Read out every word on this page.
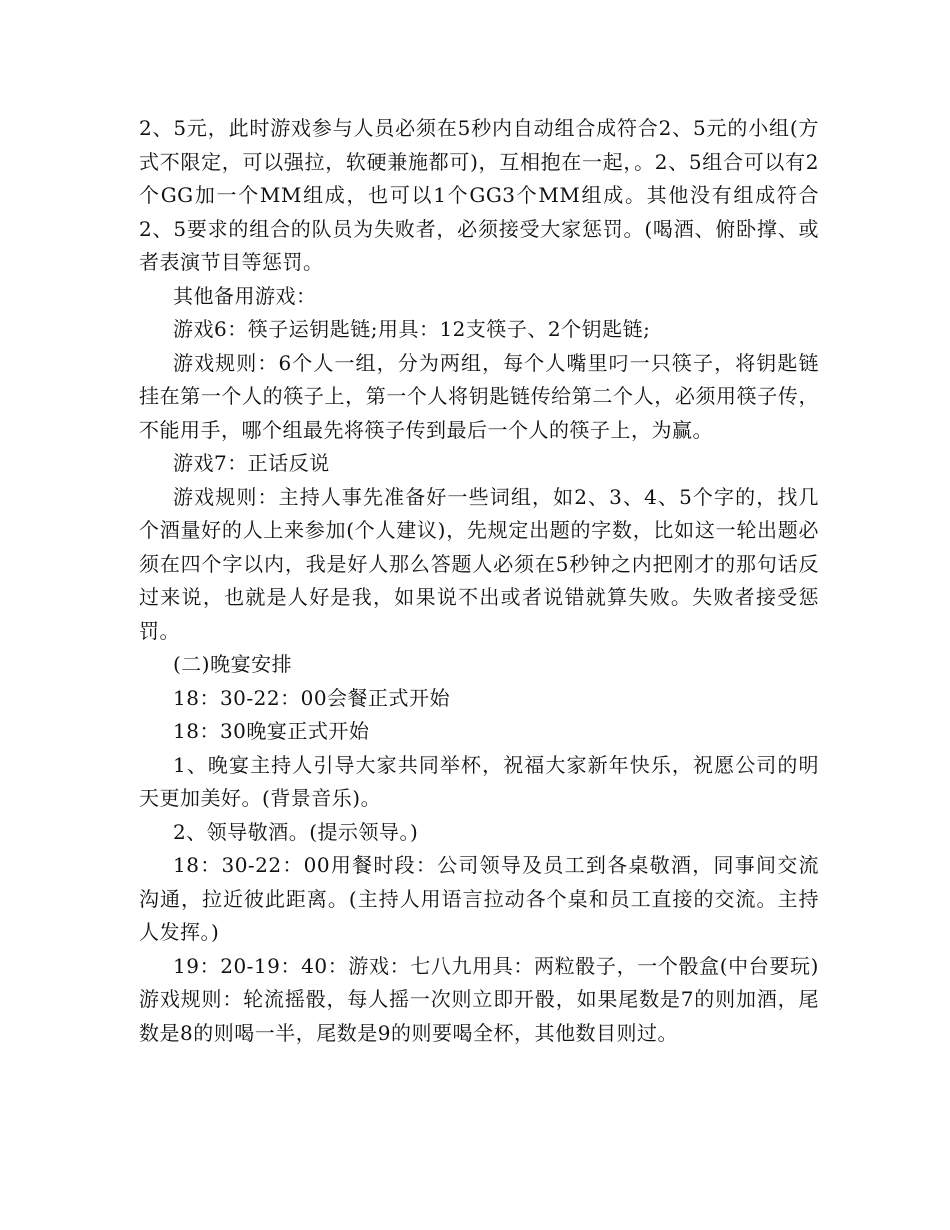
2、5元，此时游戏参与人员必须在5秒内自动组合成符合2、5元的小组(方式不限定，可以强拉，软硬兼施都可)，互相抱在一起，。2、5组合可以有2个GG加一个MM组成，也可以1个GG3个MM组成。其他没有组成符合2、5要求的组合的队员为失败者，必须接受大家惩罚。(喝酒、俯卧撑、或者表演节目等惩罚。

其他备用游戏：

游戏6：筷子运钥匙链;用具：12支筷子、2个钥匙链;

游戏规则：6个人一组，分为两组，每个人嘴里叼一只筷子，将钥匙链挂在第一个人的筷子上，第一个人将钥匙链传给第二个人，必须用筷子传，不能用手，哪个组最先将筷子传到最后一个人的筷子上，为赢。

游戏7：正话反说

游戏规则：主持人事先准备好一些词组，如2、3、4、5个字的，找几个酒量好的人上来参加(个人建议)，先规定出题的字数，比如这一轮出题必须在四个字以内，我是好人那么答题人必须在5秒钟之内把刚才的那句话反过来说，也就是人好是我，如果说不出或者说错就算失败。失败者接受惩罚。

(二)晚宴安排

18：30-22：00会餐正式开始

18：30晚宴正式开始

1、晚宴主持人引导大家共同举杯，祝福大家新年快乐，祝愿公司的明天更加美好。(背景音乐)。

2、领导敬酒。(提示领导。)

18：30-22：00用餐时段：公司领导及员工到各桌敬酒，同事间交流沟通，拉近彼此距离。(主持人用语言拉动各个桌和员工直接的交流。主持人发挥。)

19：20-19：40：游戏：七八九用具：两粒骰子，一个骰盒(中台要玩)游戏规则：轮流摇骰，每人摇一次则立即开骰，如果尾数是7的则加酒，尾数是8的则喝一半，尾数是9的则要喝全杯，其他数目则过。
